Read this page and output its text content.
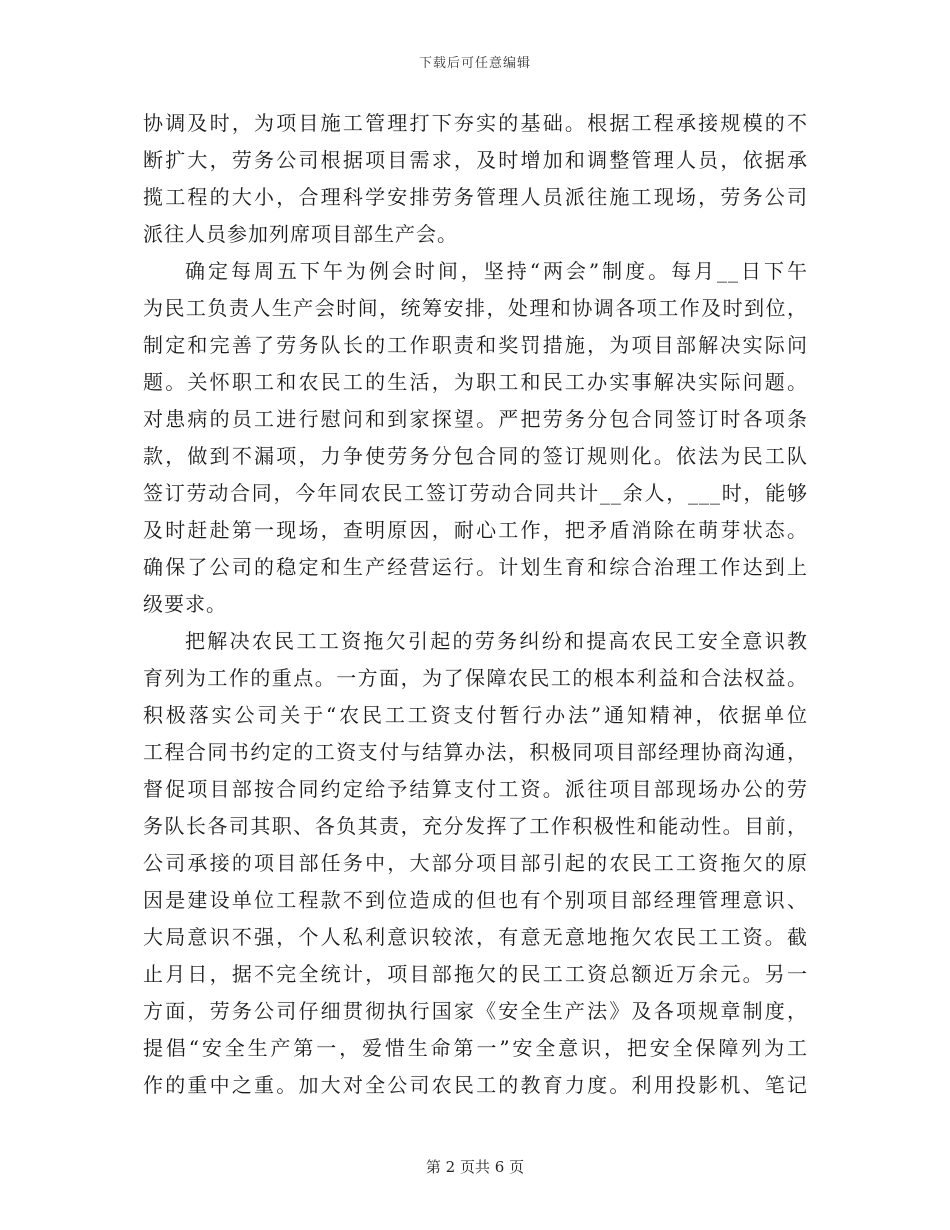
下载后可任意编辑
协调及时，为项目施工管理打下夯实的基础。根据工程承接规模的不
断扩大，劳务公司根据项目需求，及时增加和调整管理人员，依据承
揽工程的大小，合理科学安排劳务管理人员派往施工现场，劳务公司
派往人员参加列席项目部生产会。
确定每周五下午为例会时间，坚持“两会”制度。每月__日下午
为民工负责人生产会时间，统筹安排，处理和协调各项工作及时到位，
制定和完善了劳务队长的工作职责和奖罚措施，为项目部解决实际问
题。关怀职工和农民工的生活，为职工和民工办实事解决实际问题。
对患病的员工进行慰问和到家探望。严把劳务分包合同签订时各项条
款，做到不漏项，力争使劳务分包合同的签订规则化。依法为民工队
签订劳动合同，今年同农民工签订劳动合同共计__余人，___时，能够
及时赶赴第一现场，查明原因，耐心工作，把矛盾消除在萌芽状态。
确保了公司的稳定和生产经营运行。计划生育和综合治理工作达到上
级要求。
把解决农民工工资拖欠引起的劳务纠纷和提高农民工安全意识教
育列为工作的重点。一方面，为了保障农民工的根本利益和合法权益。
积极落实公司关于“农民工工资支付暂行办法”通知精神，依据单位
工程合同书约定的工资支付与结算办法，积极同项目部经理协商沟通，
督促项目部按合同约定给予结算支付工资。派往项目部现场办公的劳
务队长各司其职、各负其责，充分发挥了工作积极性和能动性。目前，
公司承接的项目部任务中，大部分项目部引起的农民工工资拖欠的原
因是建设单位工程款不到位造成的但也有个别项目部经理管理意识、
大局意识不强，个人私利意识较浓，有意无意地拖欠农民工工资。截
止月日，据不完全统计，项目部拖欠的民工工资总额近万余元。另一
方面，劳务公司仔细贯彻执行国家《安全生产法》及各项规章制度，
提倡“安全生产第一，爱惜生命第一”安全意识，把安全保障列为工
作的重中之重。加大对全公司农民工的教育力度。利用投影机、笔记
第 2 页共 6 页
